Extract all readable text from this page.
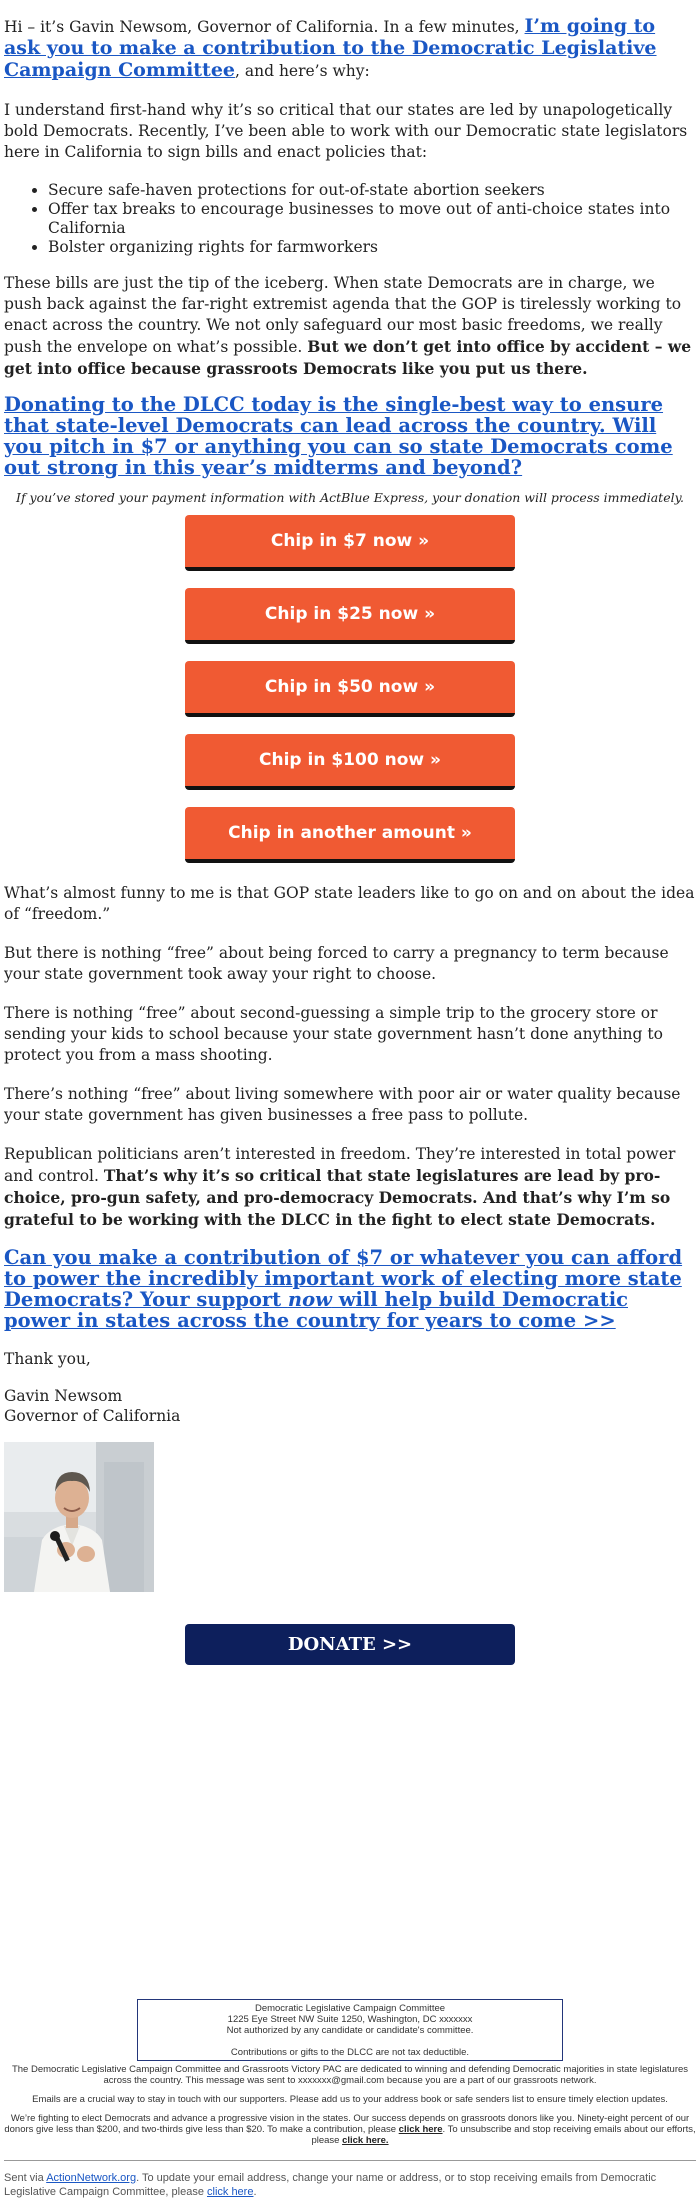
Hi – it’s Gavin Newsom, Governor of California. In a few minutes, I’m going to ask you to make a contribution to the Democratic Legislative Campaign Committee, and here’s why:

I understand first-hand why it’s so critical that our states are led by unapologetically bold Democrats. Recently, I’ve been able to work with our Democratic state legislators here in California to sign bills and enact policies that:

• Secure safe-haven protections for out-of-state abortion seekers
• Offer tax breaks to encourage businesses to move out of anti-choice states into California
• Bolster organizing rights for farmworkers

These bills are just the tip of the iceberg. When state Democrats are in charge, we push back against the far-right extremist agenda that the GOP is tirelessly working to enact across the country. We not only safeguard our most basic freedoms, we really push the envelope on what’s possible. But we don’t get into office by accident – we get into office because grassroots Democrats like you put us there.

Donating to the DLCC today is the single-best way to ensure that state-level Democrats can lead across the country. Will you pitch in $7 or anything you can so state Democrats come out strong in this year’s midterms and beyond?
If you’ve stored your payment information with ActBlue Express, your donation will process immediately.
Chip in $7 now »
Chip in $25 now »
Chip in $50 now »
Chip in $100 now »
Chip in another amount »

What’s almost funny to me is that GOP state leaders like to go on and on about the idea of “freedom.”

But there is nothing “free” about being forced to carry a pregnancy to term because your state government took away your right to choose.

There is nothing “free” about second-guessing a simple trip to the grocery store or sending your kids to school because your state government hasn’t done anything to protect you from a mass shooting.

There’s nothing “free” about living somewhere with poor air or water quality because your state government has given businesses a free pass to pollute.

Republican politicians aren’t interested in freedom. They’re interested in total power and control. That’s why it’s so critical that state legislatures are lead by pro-choice, pro-gun safety, and pro-democracy Democrats. And that’s why I’m so grateful to be working with the DLCC in the fight to elect state Democrats.

Can you make a contribution of $7 or whatever you can afford to power the incredibly important work of electing more state Democrats? Your support now will help build Democratic power in states across the country for years to come >>

Thank you,

Gavin Newsom

Governor of California

DONATE >>
Democratic Legislative Campaign Committee
1225 Eye Street NW Suite 1250, Washington, DC xxxxxxx
Not authorized by any candidate or candidate's committee.
Contributions or gifts to the DLCC are not tax deductible.
The Democratic Legislative Campaign Committee and Grassroots Victory PAC are dedicated to winning and defending Democratic majorities in state legislatures across the country. This message was sent to xxxxxxx@gmail.com because you are a part of our grassroots network.
Emails are a crucial way to stay in touch with our supporters. Please add us to your address book or safe senders list to ensure timely election updates.
We’re fighting to elect Democrats and advance a progressive vision in the states. Our success depends on grassroots donors like you. Ninety-eight percent of our donors give less than $200, and two-thirds give less than $20. To make a contribution, please click here. To unsubscribe and stop receiving emails about our efforts, please click here.
Sent via ActionNetwork.org. To update your email address, change your name or address, or to stop receiving emails from Democratic Legislative Campaign Committee, please click here.
